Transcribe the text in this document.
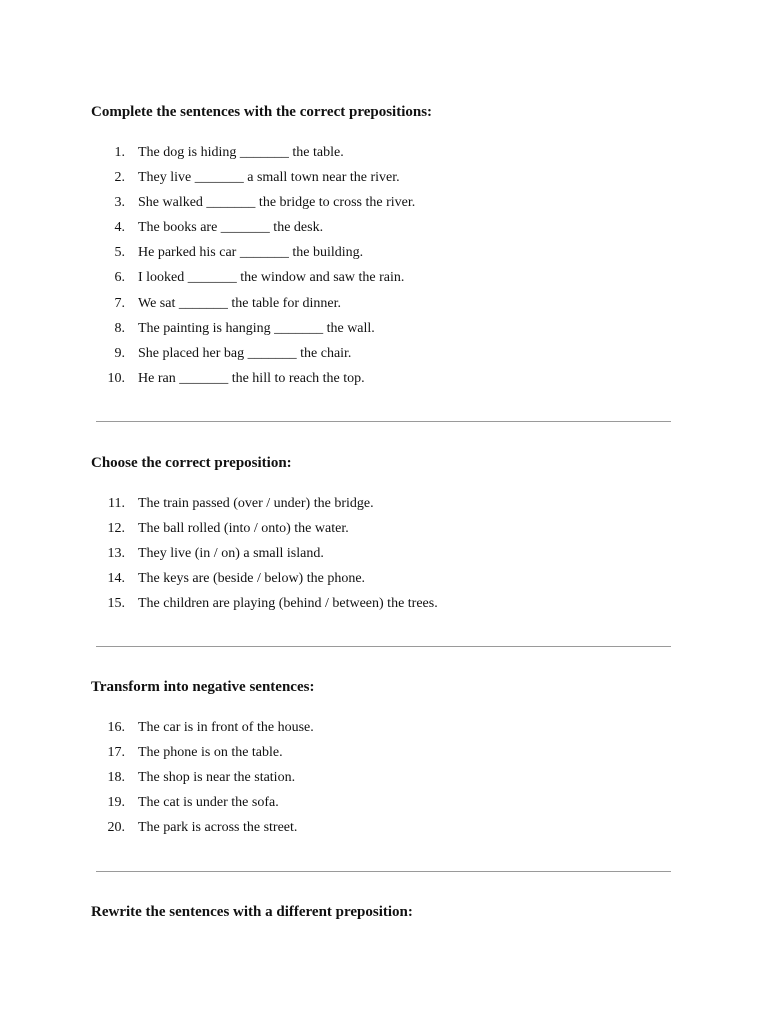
Complete the sentences with the correct prepositions:
1. The dog is hiding _______ the table.
2. They live _______ a small town near the river.
3. She walked _______ the bridge to cross the river.
4. The books are _______ the desk.
5. He parked his car _______ the building.
6. I looked _______ the window and saw the rain.
7. We sat _______ the table for dinner.
8. The painting is hanging _______ the wall.
9. She placed her bag _______ the chair.
10. He ran _______ the hill to reach the top.
Choose the correct preposition:
11. The train passed (over / under) the bridge.
12. The ball rolled (into / onto) the water.
13. They live (in / on) a small island.
14. The keys are (beside / below) the phone.
15. The children are playing (behind / between) the trees.
Transform into negative sentences:
16. The car is in front of the house.
17. The phone is on the table.
18. The shop is near the station.
19. The cat is under the sofa.
20. The park is across the street.
Rewrite the sentences with a different preposition:
